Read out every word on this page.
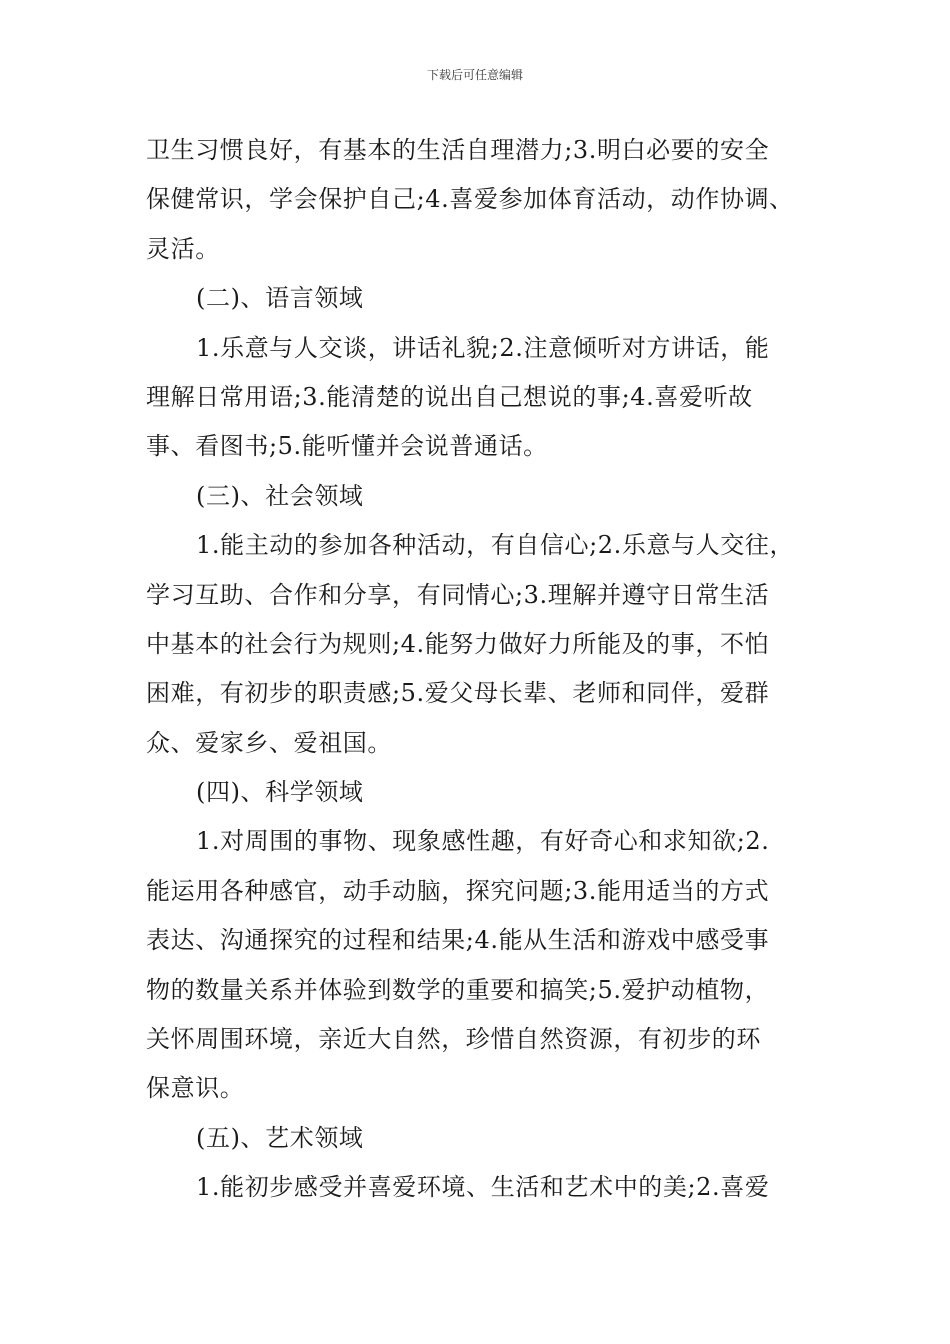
下载后可任意编辑
卫生习惯良好，有基本的生活自理潜力;3.明白必要的安全
保健常识，学会保护自己;4.喜爱参加体育活动，动作协调、
灵活。
(二)、语言领域
1.乐意与人交谈，讲话礼貌;2.注意倾听对方讲话，能
理解日常用语;3.能清楚的说出自己想说的事;4.喜爱听故
事、看图书;5.能听懂并会说普通话。
(三)、社会领域
1.能主动的参加各种活动，有自信心;2.乐意与人交往，
学习互助、合作和分享，有同情心;3.理解并遵守日常生活
中基本的社会行为规则;4.能努力做好力所能及的事，不怕
困难，有初步的职责感;5.爱父母长辈、老师和同伴，爱群
众、爱家乡、爱祖国。
(四)、科学领域
1.对周围的事物、现象感性趣，有好奇心和求知欲;2.
能运用各种感官，动手动脑，探究问题;3.能用适当的方式
表达、沟通探究的过程和结果;4.能从生活和游戏中感受事
物的数量关系并体验到数学的重要和搞笑;5.爱护动植物，
关怀周围环境，亲近大自然，珍惜自然资源，有初步的环
保意识。
(五)、艺术领域
1.能初步感受并喜爱环境、生活和艺术中的美;2.喜爱
